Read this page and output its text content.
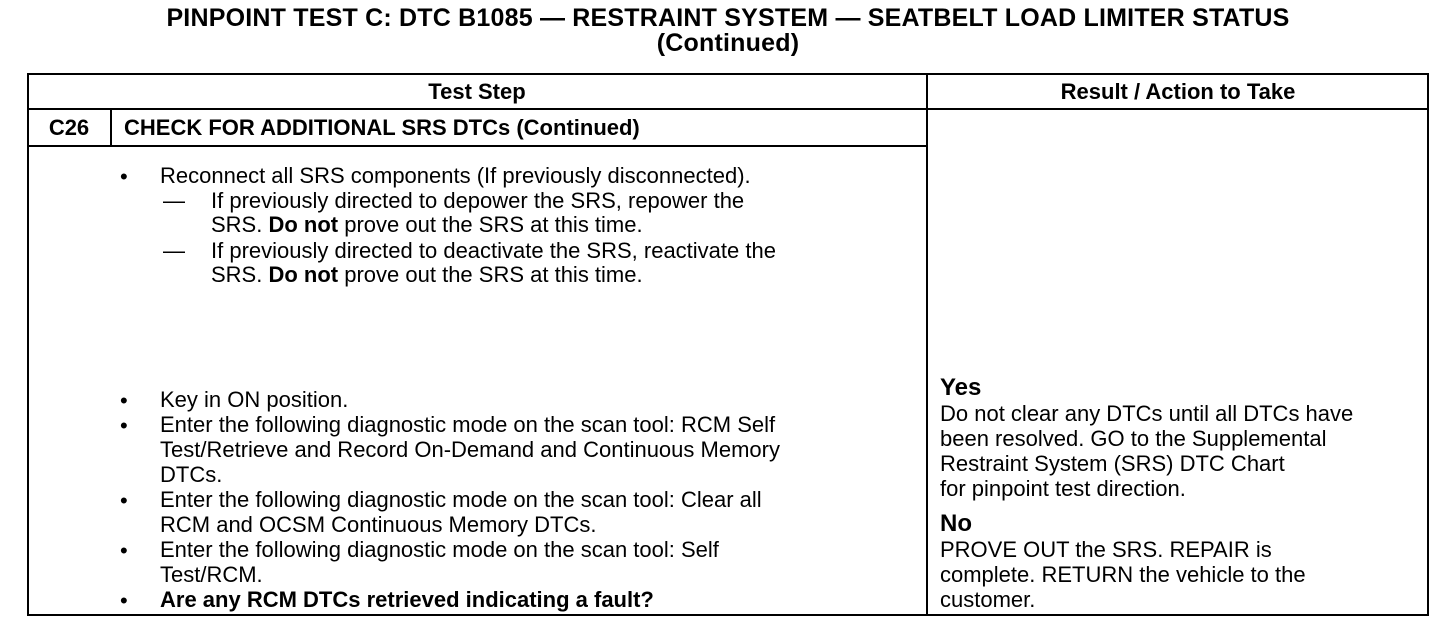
PINPOINT TEST C: DTC B1085 — RESTRAINT SYSTEM — SEATBELT LOAD LIMITER STATUS
(Continued)
Test Step	Result / Action to Take
C26	CHECK FOR ADDITIONAL SRS DTCs (Continued)
• Reconnect all SRS components (If previously disconnected).
— If previously directed to depower the SRS, repower the
SRS. Do not prove out the SRS at this time.
— If previously directed to deactivate the SRS, reactivate the
SRS. Do not prove out the SRS at this time.
• Key in ON position.
• Enter the following diagnostic mode on the scan tool: RCM Self
Test/Retrieve and Record On-Demand and Continuous Memory
DTCs.
• Enter the following diagnostic mode on the scan tool: Clear all
RCM and OCSM Continuous Memory DTCs.
• Enter the following diagnostic mode on the scan tool: Self
Test/RCM.
• Are any RCM DTCs retrieved indicating a fault?
Yes
Do not clear any DTCs until all DTCs have
been resolved. GO to the Supplemental
Restraint System (SRS) DTC Chart
for pinpoint test direction.
No
PROVE OUT the SRS. REPAIR is
complete. RETURN the vehicle to the
customer.
